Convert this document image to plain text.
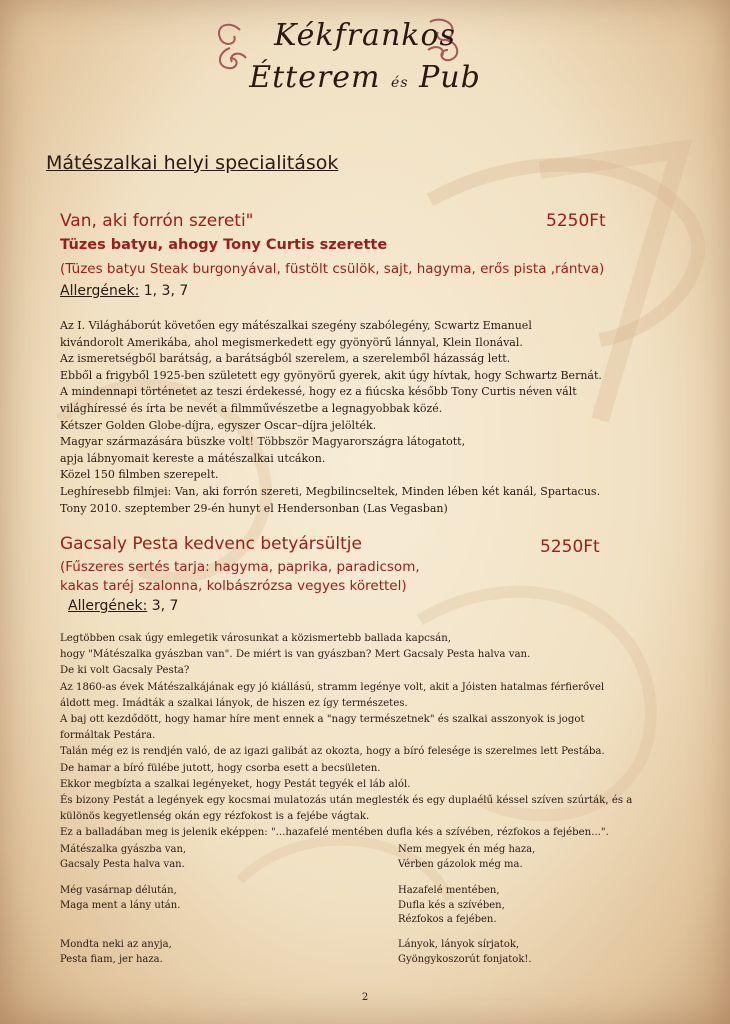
Kékfrankos
Étterem és Pub
Mátészalkai helyi specialitások
Van, aki forrón szereti"	5250Ft
Tüzes batyu, ahogy Tony Curtis szerette
(Tüzes batyu Steak burgonyával, füstölt csülök, sajt, hagyma, erős pista ,rántva)
Allergének: 1, 3, 7
Az I. Világháborút követően egy mátészalkai szegény szabólegény, Scwartz Emanuel
kivándorolt Amerikába, ahol megismerkedett egy gyönyörű lánnyal, Klein Ilonával.
Az ismeretségből barátság, a barátságból szerelem, a szerelemből házasság lett.
Ebből a frigyből 1925-ben született egy gyönyörű gyerek, akit úgy hívtak, hogy Schwartz Bernát.
A mindennapi történetet az teszi érdekessé, hogy ez a fiúcska később Tony Curtis néven vált
világhíressé és írta be nevét a filmművészetbe a legnagyobbak közé.
Kétszer Golden Globe-díjra, egyszer Oscar–díjra jelölték.
Magyar származására büszke volt! Többször Magyarországra látogatott,
apja lábnyomait kereste a mátészalkai utcákon.
Közel 150 filmben szerepelt.
Leghíresebb filmjei: Van, aki forrón szereti, Megbilincseltek, Minden lében két kanál, Spartacus.
Tony 2010. szeptember 29-én hunyt el Hendersonban (Las Vegasban)
Gacsaly Pesta kedvenc betyársültje	5250Ft
(Fűszeres sertés tarja: hagyma, paprika, paradicsom,
kakas taréj szalonna, kolbászrózsa vegyes körettel)
Allergének: 3, 7
Legtöbben csak úgy emlegetik városunkat a közismertebb ballada kapcsán,
hogy "Mátészalka gyászban van". De miért is van gyászban? Mert Gacsaly Pesta halva van.
De ki volt Gacsaly Pesta?
Az 1860-as évek Mátészalkájának egy jó kiállású, stramm legénye volt, akit a Jóisten hatalmas férfierővel
áldott meg. Imádták a szalkai lányok, de hiszen ez így természetes.
A baj ott kezdődött, hogy hamar híre ment ennek a "nagy természetnek" és szalkai asszonyok is jogot
formáltak Pestára.
Talán még ez is rendjén való, de az igazi galibát az okozta, hogy a bíró felesége is szerelmes lett Pestába.
De hamar a bíró fülébe jutott, hogy csorba esett a becsületen.
Ekkor megbízta a szalkai legényeket, hogy Pestát tegyék el láb alól.
És bizony Pestát a legények egy kocsmai mulatozás után meglesték és egy duplaélű késsel szíven szúrták, és a
különös kegyetlenség okán egy rézfokost is a fejébe vágtak.
Ez a balladában meg is jelenik eképpen: "...hazafelé mentében dufla kés a szívében, rézfokos a fejében...".
Mátészalka gyászba van,
Gacsaly Pesta halva van.
Még vasárnap délután,
Maga ment a lány után.
Mondta neki az anyja,
Pesta fiam, jer haza.
Nem megyek én még haza,
Vérben gázolok még ma.
Hazafelé mentében,
Dufla kés a szívében,
Rézfokos a fejében.
Lányok, lányok sírjatok,
Gyöngykoszorút fonjatok!.
2
